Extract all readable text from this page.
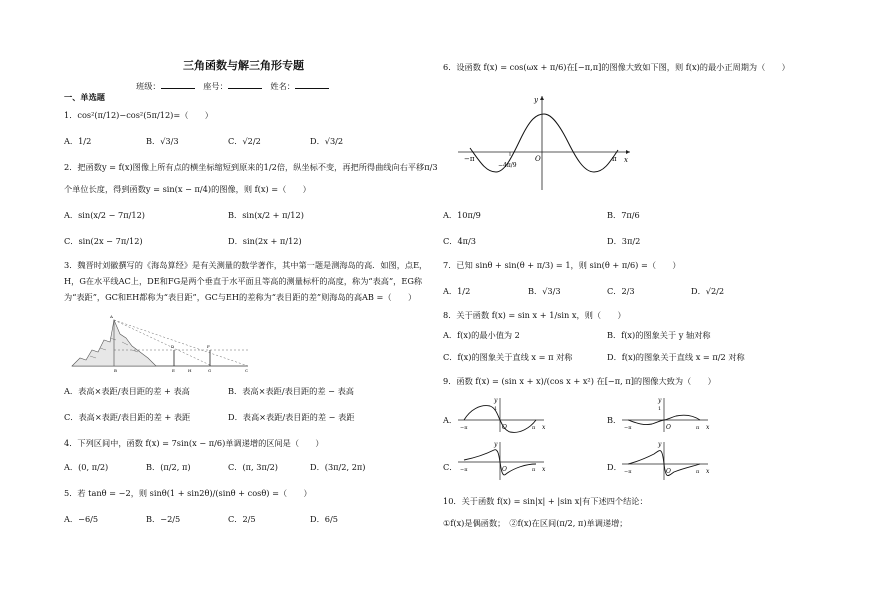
三角函数与解三角形专题
班级：	座号：	姓名：
一、单选题
1．cos²(π/12)−cos²(5π/12)=（　　）
A．1/2	B．√3/3	C．√2/2	D．√3/2
2．把函数y = f(x)图像上所有点的横坐标缩短到原来的1/2倍，纵坐标不变，再把所得曲线向右平移π/3
个单位长度，得到函数y = sin(x − π/4)的图像，则 f(x) =（　　）
A．sin(x/2 − 7π/12)	B．sin(x/2 + π/12)
C．sin(2x − 7π/12)	D．sin(2x + π/12)
3．魏晋时刘徽撰写的《海岛算经》是有关测量的数学著作，其中第一题是测海岛的高．如图，点E，
H，G在水平线AC上，DE和FG是两个垂直于水平面且等高的测量标杆的高度，称为“表高”，EG称
为“表距”，GC和EH都称为“表目距”，GC与EH的差称为“表目距的差”则海岛的高AB =（　　）
A
B	C
D
E
F
G
H
A．表高×表距/表目距的差 + 表高	B．表高×表距/表目距的差 − 表高
C．表高×表距/表目距的差 + 表距	D．表高×表距/表目距的差 − 表距
4．下列区间中，函数 f(x) = 7sin(x − π/6)单调递增的区间是（　　）
A．(0, π/2)	B．(π/2, π)	C．(π, 3π/2)	D．(3π/2, 2π)
5．若 tanθ = −2，则 sinθ(1 + sin2θ)/(sinθ + cosθ) =（　　）
A．−6/5	B．−2/5	C．2/5	D．6/5
6．设函数 f(x) = cos(ωx + π/6)在[−π,π]的图像大致如下图，则 f(x)的最小正周期为（　　）
y
x
O
−π	π
−4π/9
A．10π/9	B．7π/6
C．4π/3	D．3π/2
7．已知 sinθ + sin(θ + π/3) = 1，则 sin(θ + π/6) =（　　）
A．1/2	B．√3/3	C．2/3	D．√2/2
8．关于函数 f(x) = sin x + 1/sin x，则（　　）
A．f(x)的最小值为 2	B．f(x)的图象关于 y 轴对称
C．f(x)的图象关于直线 x = π 对称	D．f(x)的图象关于直线 x = π/2 对称
9．函数 f(x) = (sin x + x)/(cos x + x²) 在[−π, π]的图像大致为（　　）
A．
y
1
x
O
−π	π
B．
y
1
x
O
−π	π
C．
y
x
O
−π	π	D．
y
x
O
−π	π
10．关于函数 f(x) = sin|x| + |sin x|有下述四个结论：
①f(x)是偶函数；　②f(x)在区间(π/2, π)单调递增；
